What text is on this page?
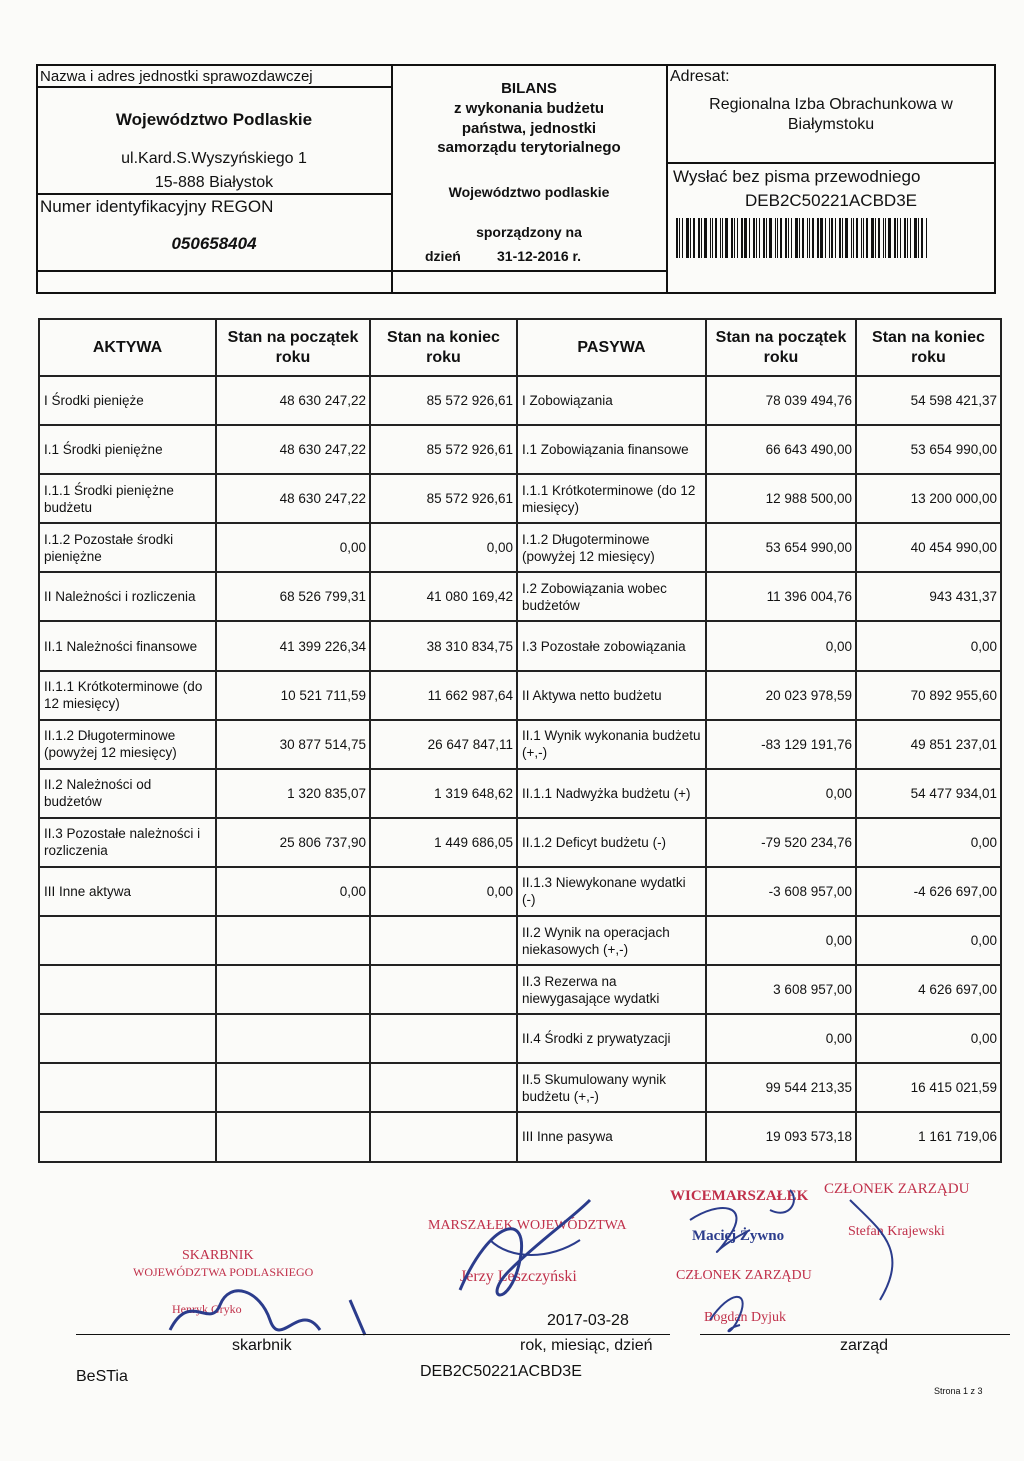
Nazwa i adres jednostki sprawozdawczej
Województwo Podlaskie
ul.Kard.S.Wyszyńskiego 1
15-888 Białystok
Numer identyfikacyjny REGON
050658404
BILANS
z wykonania budżetu
państwa, jednostki
samorządu terytorialnego
Województwo podlaskie
sporządzony na
dzień	31-12-2016 r.
Adresat:
Regionalna Izba Obrachunkowa w
Białymstoku
Wysłać bez pisma przewodniego
DEB2C50221ACBD3E
AKTYWA	Stan na początek roku	Stan na koniec roku	PASYWA	Stan na początek roku	Stan na koniec roku
I Środki pienięże	48 630 247,22	85 572 926,61	I Zobowiązania	78 039 494,76	54 598 421,37
I.1 Środki pieniężne	48 630 247,22	85 572 926,61	I.1 Zobowiązania finansowe	66 643 490,00	53 654 990,00
I.1.1 Środki pieniężne budżetu	48 630 247,22	85 572 926,61	I.1.1 Krótkoterminowe (do 12 miesięcy)	12 988 500,00	13 200 000,00
I.1.2 Pozostałe środki pieniężne	0,00	0,00	I.1.2 Długoterminowe (powyżej 12 miesięcy)	53 654 990,00	40 454 990,00
II Należności i rozliczenia	68 526 799,31	41 080 169,42	I.2 Zobowiązania wobec budżetów	11 396 004,76	943 431,37
II.1 Należności finansowe	41 399 226,34	38 310 834,75	I.3 Pozostałe zobowiązania	0,00	0,00
II.1.1 Krótkoterminowe (do 12 miesięcy)	10 521 711,59	11 662 987,64	II Aktywa netto budżetu	20 023 978,59	70 892 955,60
II.1.2 Długoterminowe (powyżej 12 miesięcy)	30 877 514,75	26 647 847,11	II.1 Wynik wykonania budżetu (+,-)	-83 129 191,76	49 851 237,01
II.2 Należności od budżetów	1 320 835,07	1 319 648,62	II.1.1 Nadwyżka budżetu (+)	0,00	54 477 934,01
II.3 Pozostałe należności i rozliczenia	25 806 737,90	1 449 686,05	II.1.2 Deficyt budżetu (-)	-79 520 234,76	0,00
III Inne aktywa	0,00	0,00	II.1.3 Niewykonane wydatki (-)	-3 608 957,00	-4 626 697,00
			II.2 Wynik na operacjach niekasowych (+,-)	0,00	0,00
			II.3 Rezerwa na niewygasające wydatki	3 608 957,00	4 626 697,00
			II.4 Środki z prywatyzacji	0,00	0,00
			II.5 Skumulowany wynik budżetu (+,-)	99 544 213,35	16 415 021,59
			III Inne pasywa	19 093 573,18	1 161 719,06
SKARBNIK
WOJEWÓDZTWA PODLASKIEGO
Henryk Gryko
MARSZAŁEK WOJEWÓDZTWA
Jerzy Leszczyński
WICEMARSZAŁEK
Maciej Żywno
CZŁONEK ZARZĄDU
Stefan Krajewski
CZŁONEK ZARZĄDU
Bogdan Dyjuk
2017-03-28
skarbnik	rok, miesiąc, dzień	zarząd
BeSTia	DEB2C50221ACBD3E
Strona 1 z 3
